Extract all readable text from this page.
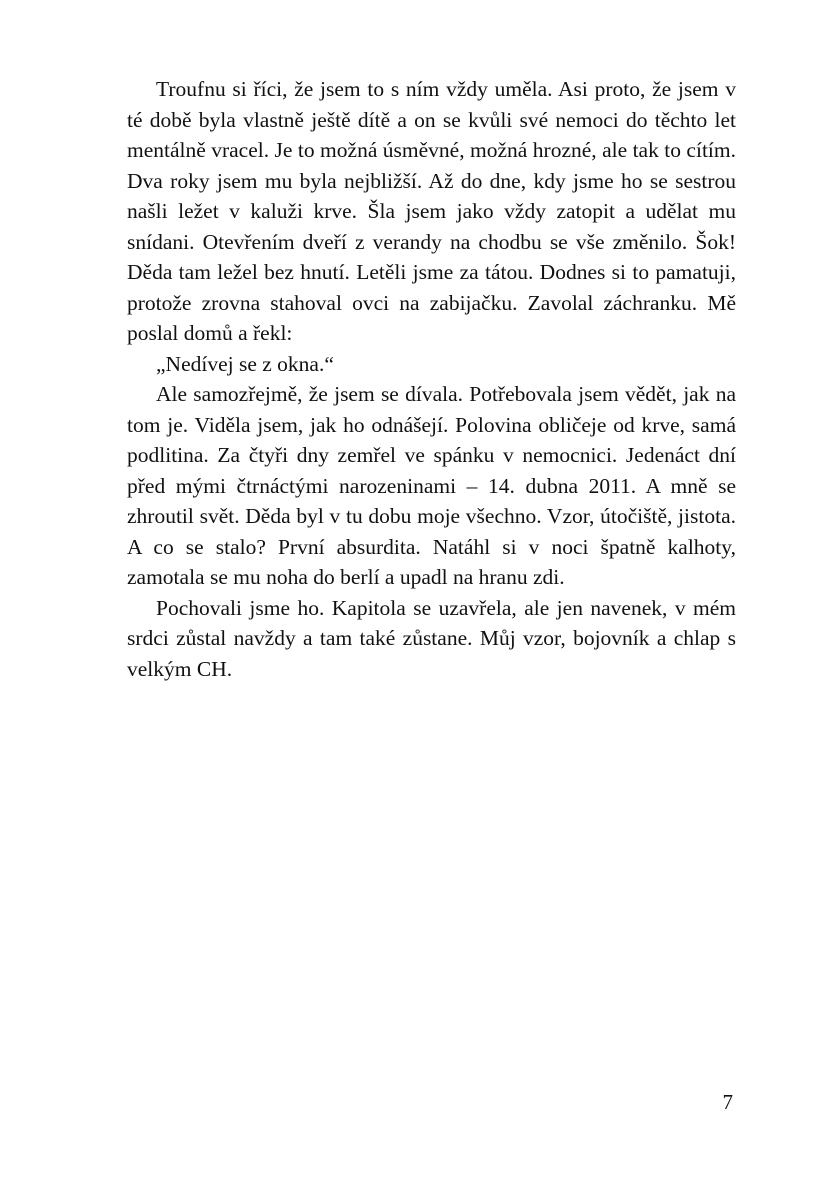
Troufnu si říci, že jsem to s ním vždy uměla. Asi proto, že jsem v té době byla vlastně ještě dítě a on se kvůli své nemoci do těchto let mentálně vracel. Je to možná úsměvné, možná hrozné, ale tak to cítím. Dva roky jsem mu byla nejbližší. Až do dne, kdy jsme ho se sestrou našli ležet v kaluži krve. Šla jsem jako vždy zatopit a udělat mu snídani. Otevřením dveří z verandy na chodbu se vše změnilo. Šok! Děda tam ležel bez hnutí. Letěli jsme za tátou. Dodnes si to pamatuji, protože zrovna stahoval ovci na zabijačku. Zavolal záchranku. Mě poslal domů a řekl:

„Nedívej se z okna.“

Ale samozřejmě, že jsem se dívala. Potřebovala jsem vědět, jak na tom je. Viděla jsem, jak ho odnášejí. Polovina obličeje od krve, samá podlitina. Za čtyři dny zemřel ve spánku v nemocnici. Jedenáct dní před mými čtrnáctými narozeninami – 14. dubna 2011. A mně se zhroutil svět. Děda byl v tu dobu moje všechno. Vzor, útočiště, jistota. A co se stalo? První absurdita. Natáhl si v noci špatně kalhoty, zamotala se mu noha do berlí a upadl na hranu zdi.

Pochovali jsme ho. Kapitola se uzavřela, ale jen navenek, v mém srdci zůstal navždy a tam také zůstane. Můj vzor, bojovník a chlap s velkým CH.

7
